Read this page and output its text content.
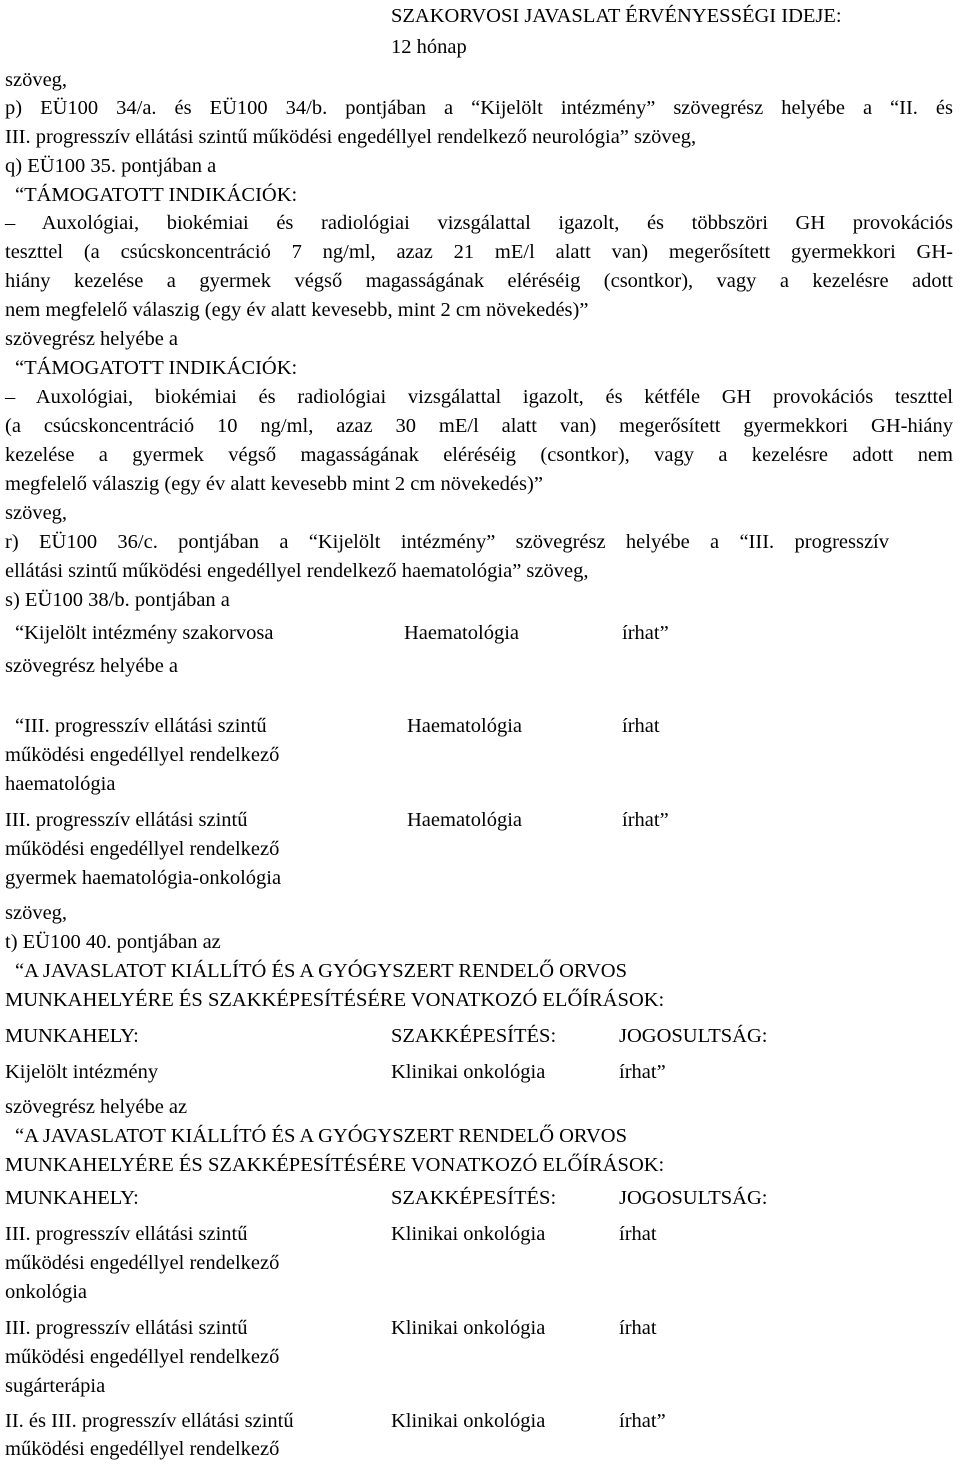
SZAKORVOSI JAVASLAT ÉRVÉNYESSÉGI IDEJE:
12 hónap
szöveg,
p) EÜ100 34/a. és EÜ100 34/b. pontjában a “Kijelölt intézmény” szövegrész helyébe a “II. és
III. progresszív ellátási szintű működési engedéllyel rendelkező neurológia” szöveg,
q) EÜ100 35. pontjában a
“TÁMOGATOTT INDIKÁCIÓK:
– Auxológiai, biokémiai és radiológiai vizsgálattal igazolt, és többszöri GH provokációs
teszttel (a csúcskoncentráció 7 ng/ml, azaz 21 mE/l alatt van) megerősített gyermekkori GH-
hiány kezelése a gyermek végső magasságának eléréséig (csontkor), vagy a kezelésre adott
nem megfelelő válaszig (egy év alatt kevesebb, mint 2 cm növekedés)”
szövegrész helyébe a
“TÁMOGATOTT INDIKÁCIÓK:
– Auxológiai, biokémiai és radiológiai vizsgálattal igazolt, és kétféle GH provokációs teszttel
(a csúcskoncentráció 10 ng/ml, azaz 30 mE/l alatt van) megerősített gyermekkori GH-hiány
kezelése a gyermek végső magasságának eléréséig (csontkor), vagy a kezelésre adott nem
megfelelő válaszig (egy év alatt kevesebb mint 2 cm növekedés)”
szöveg,
r) EÜ100 36/c. pontjában a “Kijelölt intézmény” szövegrész helyébe a “III. progresszív
ellátási szintű működési engedéllyel rendelkező haematológia” szöveg,
s) EÜ100 38/b. pontjában a
“Kijelölt intézmény szakorvosa	Haematológia	írhat”
szövegrész helyébe a
“III. progresszív ellátási szintű
működési engedéllyel rendelkező
haematológia
Haematológia	írhat
III. progresszív ellátási szintű
működési engedéllyel rendelkező
gyermek haematológia-onkológia
Haematológia	írhat”
szöveg,
t) EÜ100 40. pontjában az
“A JAVASLATOT KIÁLLÍTÓ ÉS A GYÓGYSZERT RENDELŐ ORVOS
MUNKAHELYÉRE ÉS SZAKKÉPESÍTÉSÉRE VONATKOZÓ ELŐÍRÁSOK:
MUNKAHELY:	SZAKKÉPESÍTÉS:	JOGOSULTSÁG:
Kijelölt intézmény	Klinikai onkológia	írhat”
szövegrész helyébe az
“A JAVASLATOT KIÁLLÍTÓ ÉS A GYÓGYSZERT RENDELŐ ORVOS
MUNKAHELYÉRE ÉS SZAKKÉPESÍTÉSÉRE VONATKOZÓ ELŐÍRÁSOK:
MUNKAHELY:	SZAKKÉPESÍTÉS:	JOGOSULTSÁG:
III. progresszív ellátási szintű
működési engedéllyel rendelkező
onkológia
Klinikai onkológia	írhat
III. progresszív ellátási szintű
működési engedéllyel rendelkező
sugárterápia
Klinikai onkológia	írhat
II. és III. progresszív ellátási szintű
működési engedéllyel rendelkező
Klinikai onkológia	írhat”
